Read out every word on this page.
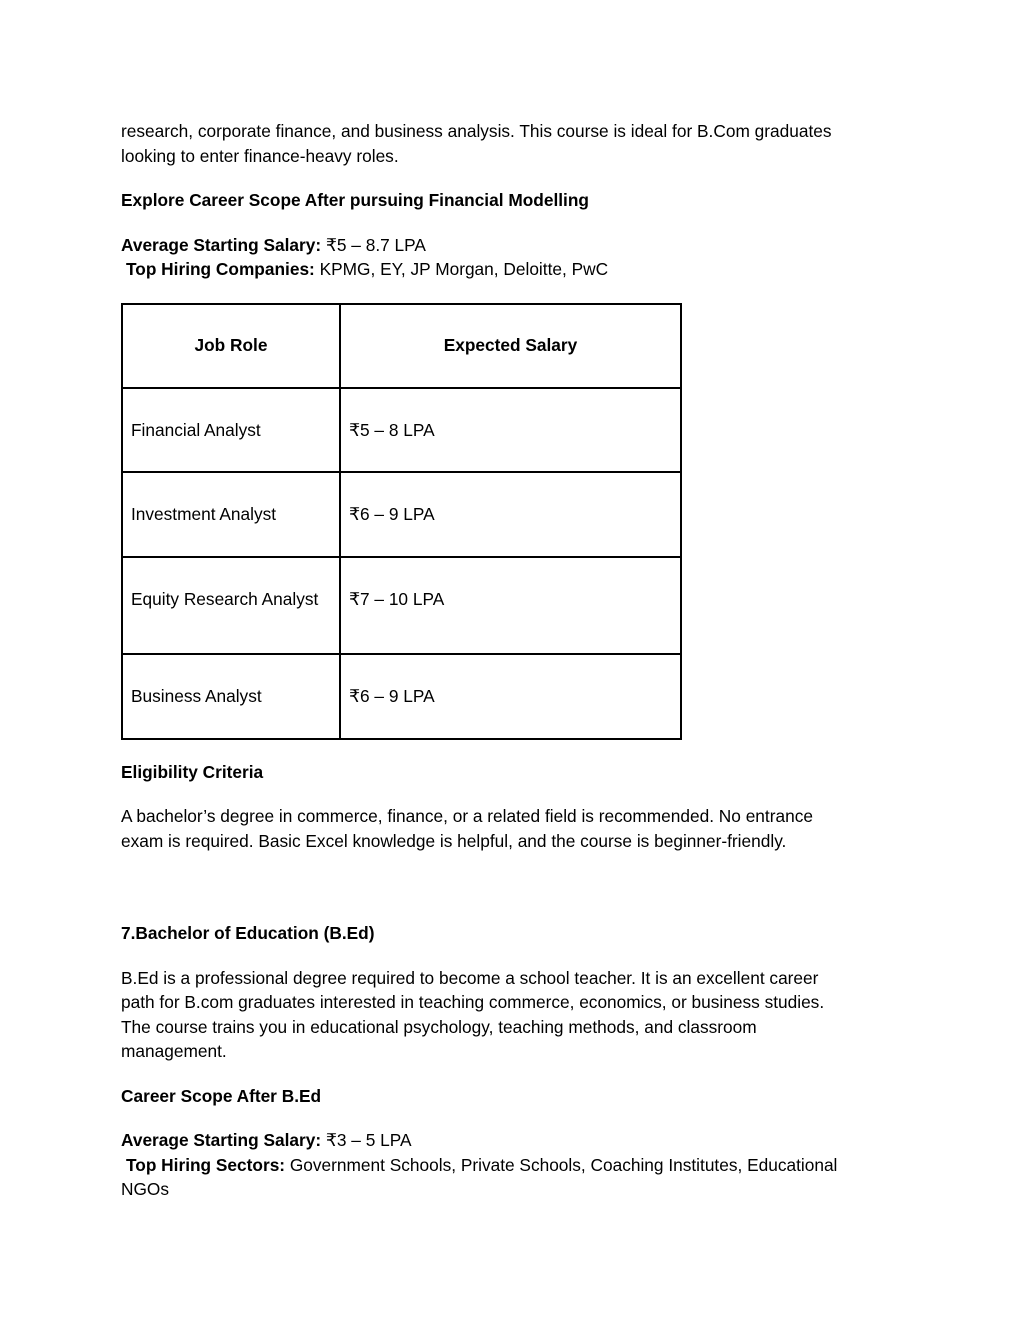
research, corporate finance, and business analysis. This course is ideal for B.Com graduates

looking to enter finance-heavy roles.

Explore Career Scope After pursuing Financial Modelling

Average Starting Salary: ₹5 – 8.7 LPA

Top Hiring Companies: KPMG, EY, JP Morgan, Deloitte, PwC

Job Role	Expected Salary
Financial Analyst	₹5 – 8 LPA
Investment Analyst	₹6 – 9 LPA
Equity Research Analyst	₹7 – 10 LPA
Business Analyst	₹6 – 9 LPA

Eligibility Criteria

A bachelor’s degree in commerce, finance, or a related field is recommended. No entrance

exam is required. Basic Excel knowledge is helpful, and the course is beginner-friendly.

7.Bachelor of Education (B.Ed)

B.Ed is a professional degree required to become a school teacher. It is an excellent career

path for B.com graduates interested in teaching commerce, economics, or business studies.

The course trains you in educational psychology, teaching methods, and classroom

management.

Career Scope After B.Ed

Average Starting Salary: ₹3 – 5 LPA

Top Hiring Sectors: Government Schools, Private Schools, Coaching Institutes, Educational

NGOs
